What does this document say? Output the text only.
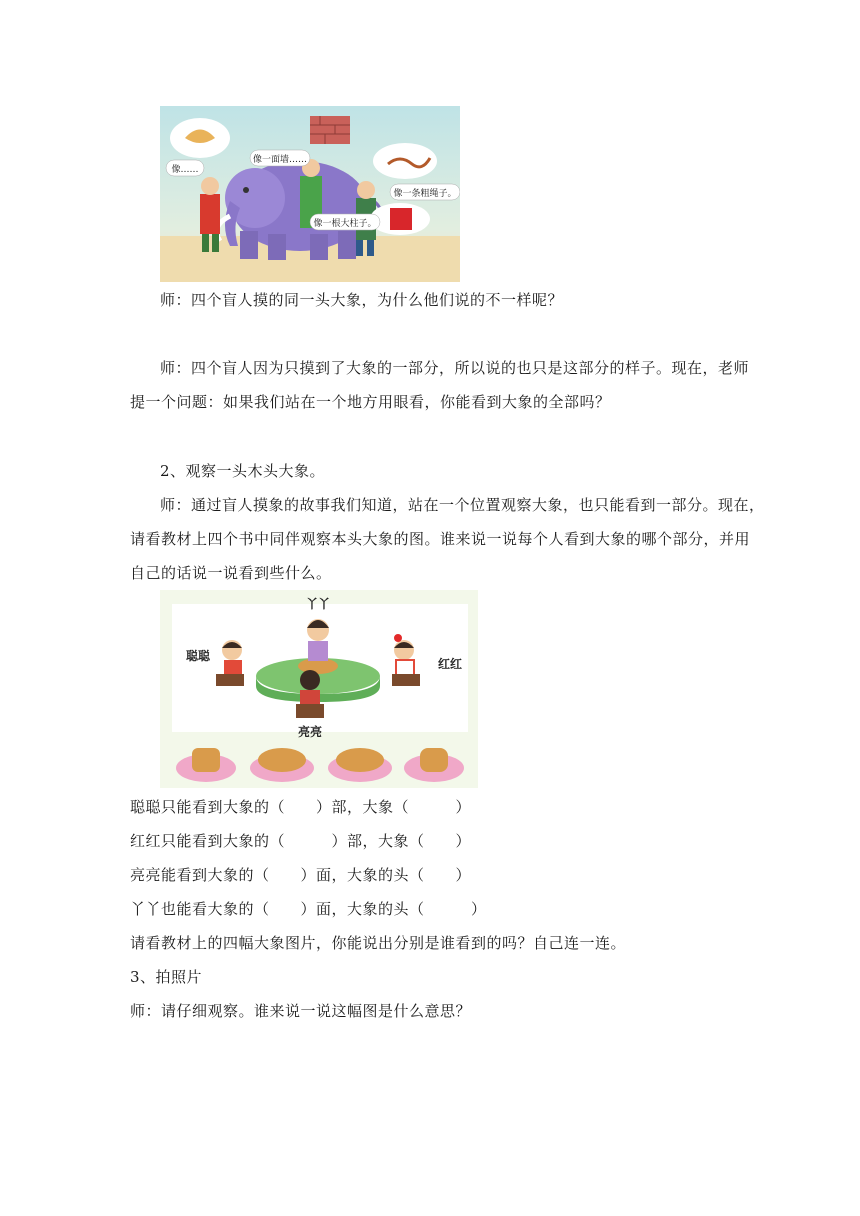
像……
像一面墙……
像一条粗绳子。
像一根大柱子。
师：四个盲人摸的同一头大象，为什么他们说的不一样呢？
师：四个盲人因为只摸到了大象的一部分，所以说的也只是这部分的样子。现在，老师
提一个问题：如果我们站在一个地方用眼看，你能看到大象的全部吗？
2、观察一头木头大象。
师：通过盲人摸象的故事我们知道，站在一个位置观察大象，也只能看到一部分。现在，
请看教材上四个书中同伴观察本头大象的图。谁来说一说每个人看到大象的哪个部分，并用
自己的话说一说看到些什么。
丫丫
聪聪
红红
亮亮
聪聪只能看到大象的（　　）部，大象（　　　）
红红只能看到大象的（　　　）部，大象（　　）
亮亮能看到大象的（　　）面，大象的头（　　）
丫丫也能看大象的（　　）面，大象的头（　　　）
请看教材上的四幅大象图片，你能说出分别是谁看到的吗？自己连一连。
3、拍照片
师：请仔细观察。谁来说一说这幅图是什么意思？
